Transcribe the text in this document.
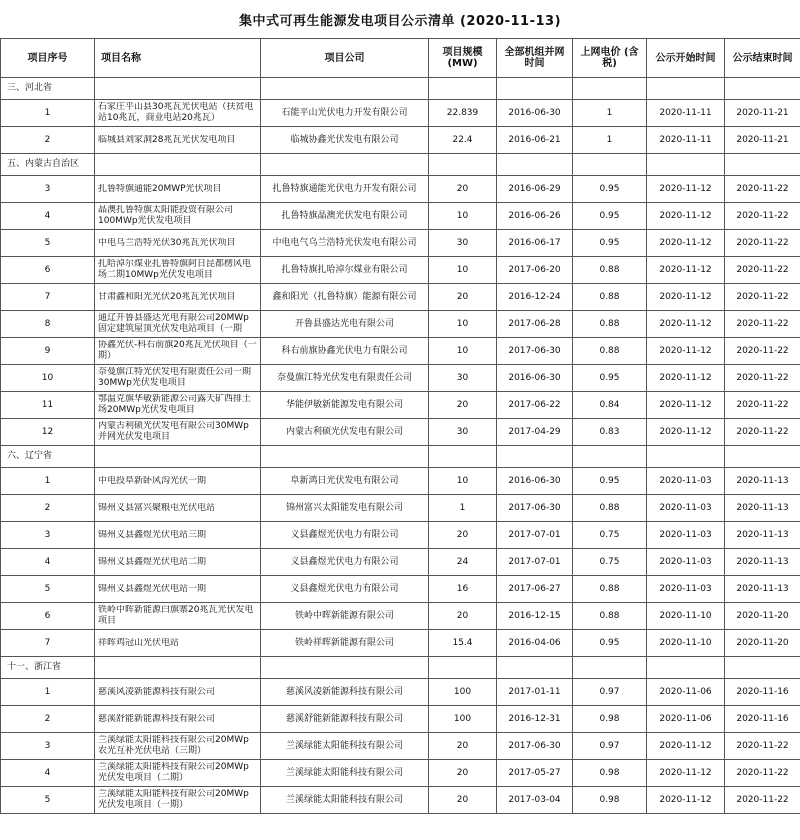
集中式可再生能源发电项目公示清单 (2020-11-13)
项目序号	项目名称	项目公司	项目规模 (MW)	全部机组并网时间	上网电价 (含税)	公示开始时间	公示结束时间
三、河北省							
1	石家庄平山县30兆瓦光伏电站（扶贫电站10兆瓦，商业电站20兆瓦）	石能平山光伏电力开发有限公司	22.839	2016-06-30	1	2020-11-11	2020-11-21
2	临城县刘家洞28兆瓦光伏发电项目	临城协鑫光伏发电有限公司	22.4	2016-06-21	1	2020-11-11	2020-11-21
五、内蒙古自治区							
3	扎鲁特旗通能20MWP光伏项目	扎鲁特旗通能光伏电力开发有限公司	20	2016-06-29	0.95	2020-11-12	2020-11-22
4	晶澳扎鲁特旗太阳能投资有限公司100MWp光伏发电项目	扎鲁特旗晶澳光伏发电有限公司	10	2016-06-26	0.95	2020-11-12	2020-11-22
5	中电乌兰浩特光伏30兆瓦光伏项目	中电电气乌兰浩特光伏发电有限公司	30	2016-06-17	0.95	2020-11-12	2020-11-22
6	扎哈淖尔煤业扎鲁特旗阿日昆都楞风电场二期10MWp光伏发电项目	扎鲁特旗扎哈淖尔煤业有限公司	10	2017-06-20	0.88	2020-11-12	2020-11-22
7	甘肃鑫和阳光光伏20兆瓦光伏项目	鑫和阳光（扎鲁特旗）能源有限公司	20	2016-12-24	0.88	2020-11-12	2020-11-22
8	通辽开鲁县盛达光电有限公司20MWp固定建筑屋顶光伏发电站项目（一期	开鲁县盛达光电有限公司	10	2017-06-28	0.88	2020-11-12	2020-11-22
9	协鑫光伏-科右前旗20兆瓦光伏项目（一期）	科右前旗协鑫光伏电力有限公司	10	2017-06-30	0.88	2020-11-12	2020-11-22
10	奈曼旗江特光伏发电有限责任公司一期30MWp光伏发电项目	奈曼旗江特光伏发电有限责任公司	30	2016-06-30	0.95	2020-11-12	2020-11-22
11	鄂温克旗华敏新能源公司露天矿西排土场20MWp光伏发电项目	华能伊敏新能源发电有限公司	20	2017-06-22	0.84	2020-11-12	2020-11-22
12	内蒙古利硕光伏发电有限公司30MWp并网光伏发电项目	内蒙古利硕光伏发电有限公司	30	2017-04-29	0.83	2020-11-12	2020-11-22
六、辽宁省							
1	中电投阜新卧风沟光伏一期	阜新鸿日光伏发电有限公司	10	2016-06-30	0.95	2020-11-03	2020-11-13
2	锦州义县富兴聚粮屯光伏电站	锦州富兴太阳能发电有限公司	1	2017-06-30	0.88	2020-11-03	2020-11-13
3	锦州义县鑫煜光伏电站三期	义县鑫煜光伏电力有限公司	20	2017-07-01	0.75	2020-11-03	2020-11-13
4	锦州义县鑫煜光伏电站二期	义县鑫煜光伏电力有限公司	24	2017-07-01	0.75	2020-11-03	2020-11-13
5	锦州义县鑫煜光伏电站一期	义县鑫煜光伏电力有限公司	16	2017-06-27	0.88	2020-11-03	2020-11-13
6	铁岭中晖新能源白旗寨20兆瓦光伏发电项目	铁岭中晖新能源有限公司	20	2016-12-15	0.88	2020-11-10	2020-11-20
7	祥晖鸡冠山光伏电站	铁岭祥晖新能源有限公司	15.4	2016-04-06	0.95	2020-11-10	2020-11-20
十一、浙江省							
1	慈溪风凌新能源科技有限公司	慈溪风凌新能源科技有限公司	100	2017-01-11	0.97	2020-11-06	2020-11-16
2	慈溪舒能新能源科技有限公司	慈溪舒能新能源科技有限公司	100	2016-12-31	0.98	2020-11-06	2020-11-16
3	兰溪绿能太阳能科技有限公司20MWp农光互补光伏电站（三期）	兰溪绿能太阳能科技有限公司	20	2017-06-30	0.97	2020-11-12	2020-11-22
4	兰溪绿能太阳能科技有限公司20MWp光伏发电项目（二期）	兰溪绿能太阳能科技有限公司	20	2017-05-27	0.98	2020-11-12	2020-11-22
5	兰溪绿能太阳能科技有限公司20MWp光伏发电项目（一期）	兰溪绿能太阳能科技有限公司	20	2017-03-04	0.98	2020-11-12	2020-11-22
